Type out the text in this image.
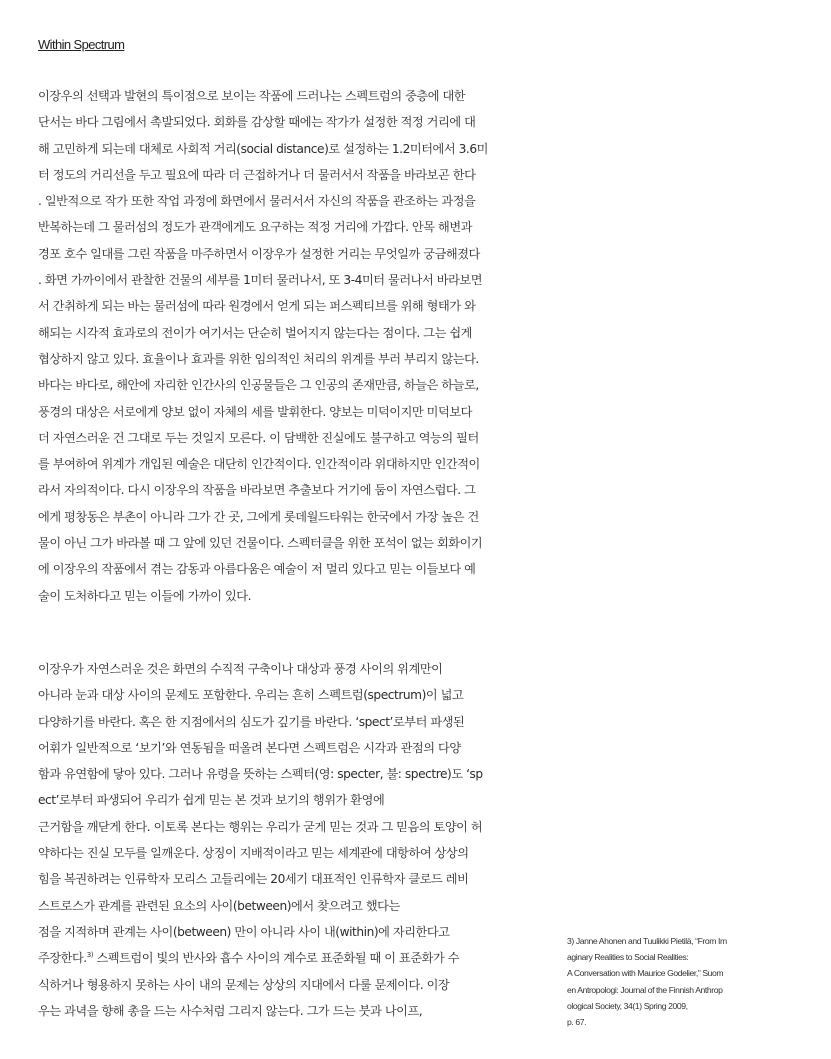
Within Spectrum
이장우의 선택과 발현의 특이점으로 보이는 작품에 드러나는 스펙트럼의 중층에 대한
단서는 바다 그림에서 촉발되었다. 회화를 감상할 때에는 작가가 설정한 적정 거리에 대
해 고민하게 되는데 대체로 사회적 거리(social distance)로 설정하는 1.2미터에서 3.6미
터 정도의 거리선을 두고 필요에 따라 더 근접하거나 더 물러서서 작품을 바라보곤 한다
. 일반적으로 작가 또한 작업 과정에 화면에서 물러서서 자신의 작품을 관조하는 과정을
반복하는데 그 물러섬의 정도가 관객에게도 요구하는 적정 거리에 가깝다. 안목 해변과
경포 호수 일대를 그린 작품을 마주하면서 이장우가 설정한 거리는 무엇일까 궁금해졌다
. 화면 가까이에서 관찰한 건물의 세부를 1미터 물러나서, 또 3-4미터 물러나서 바라보면
서 간취하게 되는 바는 물러섬에 따라 원경에서 얻게 되는 퍼스펙티브를 위해 형태가 와
해되는 시각적 효과로의 전이가 여기서는 단순히 벌어지지 않는다는 점이다. 그는 쉽게
협상하지 않고 있다. 효율이나 효과를 위한 임의적인 처리의 위계를 부러 부리지 않는다.
바다는 바다로, 해안에 자리한 인간사의 인공물들은 그 인공의 존재만큼, 하늘은 하늘로,
풍경의 대상은 서로에게 양보 없이 자체의 세를 발휘한다. 양보는 미덕이지만 미덕보다
더 자연스러운 건 그대로 두는 것일지 모른다. 이 담백한 진실에도 불구하고 역능의 필터
를 부여하여 위계가 개입된 예술은 대단히 인간적이다. 인간적이라 위대하지만 인간적이
라서 자의적이다. 다시 이장우의 작품을 바라보면 추출보다 거기에 둠이 자연스럽다. 그
에게 평창동은 부촌이 아니라 그가 간 곳, 그에게 롯데월드타워는 한국에서 가장 높은 건
물이 아닌 그가 바라볼 때 그 앞에 있던 건물이다. 스펙터클을 위한 포석이 없는 회화이기
에 이장우의 작품에서 겪는 감동과 아름다움은 예술이 저 멀리 있다고 믿는 이들보다 예
술이 도처하다고 믿는 이들에 가까이 있다.
이장우가 자연스러운 것은 화면의 수직적 구축이나 대상과 풍경 사이의 위계만이
아니라 눈과 대상 사이의 문제도 포함한다. 우리는 흔히 스펙트럼(spectrum)이 넓고
다양하기를 바란다. 혹은 한 지점에서의 심도가 깊기를 바란다. ‘spect’로부터 파생된
어휘가 일반적으로 ‘보기’와 연동됨을 떠올려 본다면 스펙트럼은 시각과 관점의 다양
함과 유연함에 닿아 있다. 그러나 유령을 뜻하는 스펙터(영: specter, 불: spectre)도 ‘sp
ect’로부터 파생되어 우리가 쉽게 믿는 본 것과 보기의 행위가 환영에
근거함을 깨닫게 한다. 이토록 본다는 행위는 우리가 굳게 믿는 것과 그 믿음의 토양이 허
약하다는 진실 모두를 일깨운다. 상징이 지배적이라고 믿는 세계관에 대항하여 상상의
힘을 복권하려는 인류학자 모리스 고들리에는 20세기 대표적인 인류학자 클로드 레비
스트로스가 관계를 관련된 요소의 사이(between)에서 찾으려고 했다는
점을 지적하며 관계는 사이(between) 만이 아니라 사이 내(within)에 자리한다고
주장한다.$^{3)}$ 스펙트럼이 빛의 반사와 흡수 사이의 계수로 표준화될 때 이 표준화가 수
식하거나 형용하지 못하는 사이 내의 문제는 상상의 지대에서 다룰 문제이다. 이장
우는 과녁을 향해 총을 드는 사수처럼 그리지 않는다. 그가 드는 붓과 나이프,
3) Janne Ahonen and Tuulikki Pietilä, “From Im
aginary Realities to Social Realities:
A Conversation with Maurice Godelier,” Suom
en Antropologi: Journal of the Finnish Anthrop
ological Society, 34(1) Spring 2009,
p. 67.
